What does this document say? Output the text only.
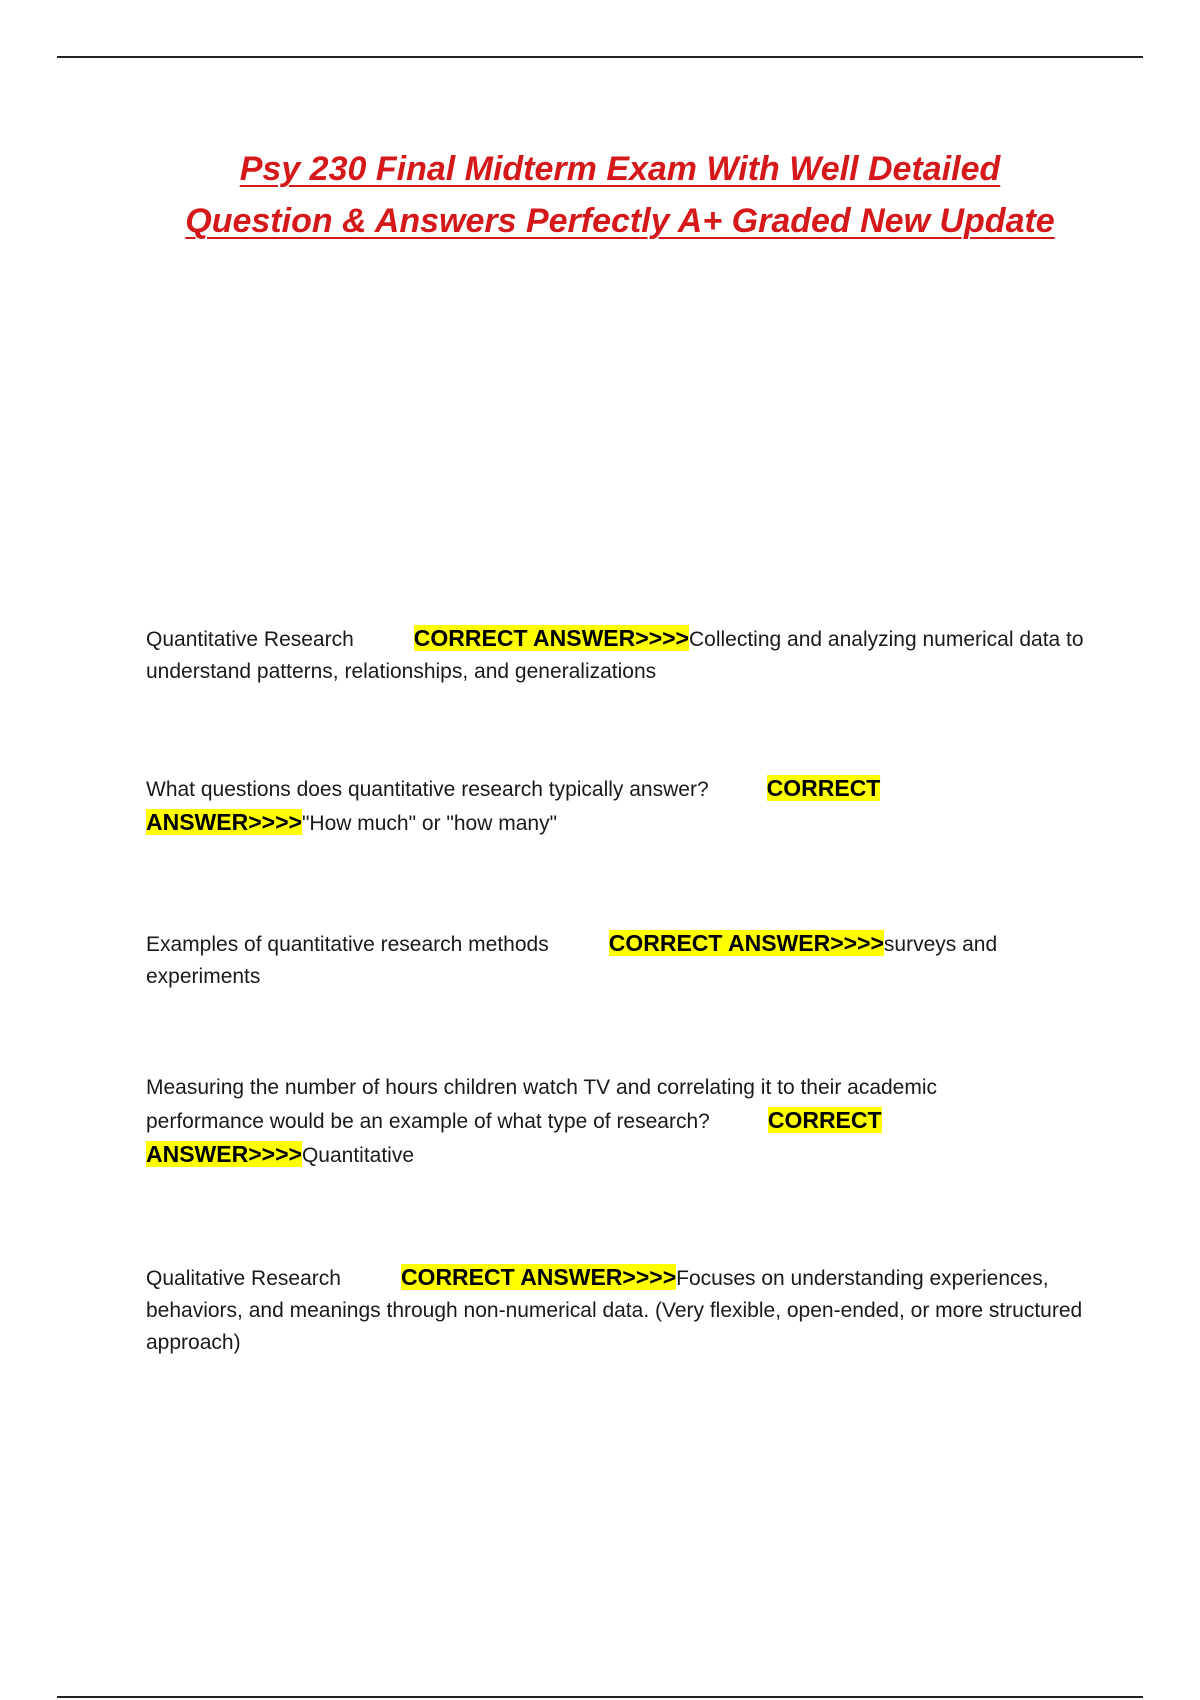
Psy 230 Final Midterm Exam With Well Detailed
Question & Answers Perfectly A+ Graded New Update
Quantitative Research	CORRECT ANSWER>>>>Collecting and analyzing numerical data to understand patterns, relationships, and generalizations
What questions does quantitative research typically answer?	CORRECT ANSWER>>>>"How much" or "how many"
Examples of quantitative research methods	CORRECT ANSWER>>>>surveys and experiments
Measuring the number of hours children watch TV and correlating it to their academic performance would be an example of what type of research?	CORRECT ANSWER>>>>Quantitative
Qualitative Research	CORRECT ANSWER>>>>Focuses on understanding experiences, behaviors, and meanings through non-numerical data. (Very flexible, open-ended, or more structured approach)
